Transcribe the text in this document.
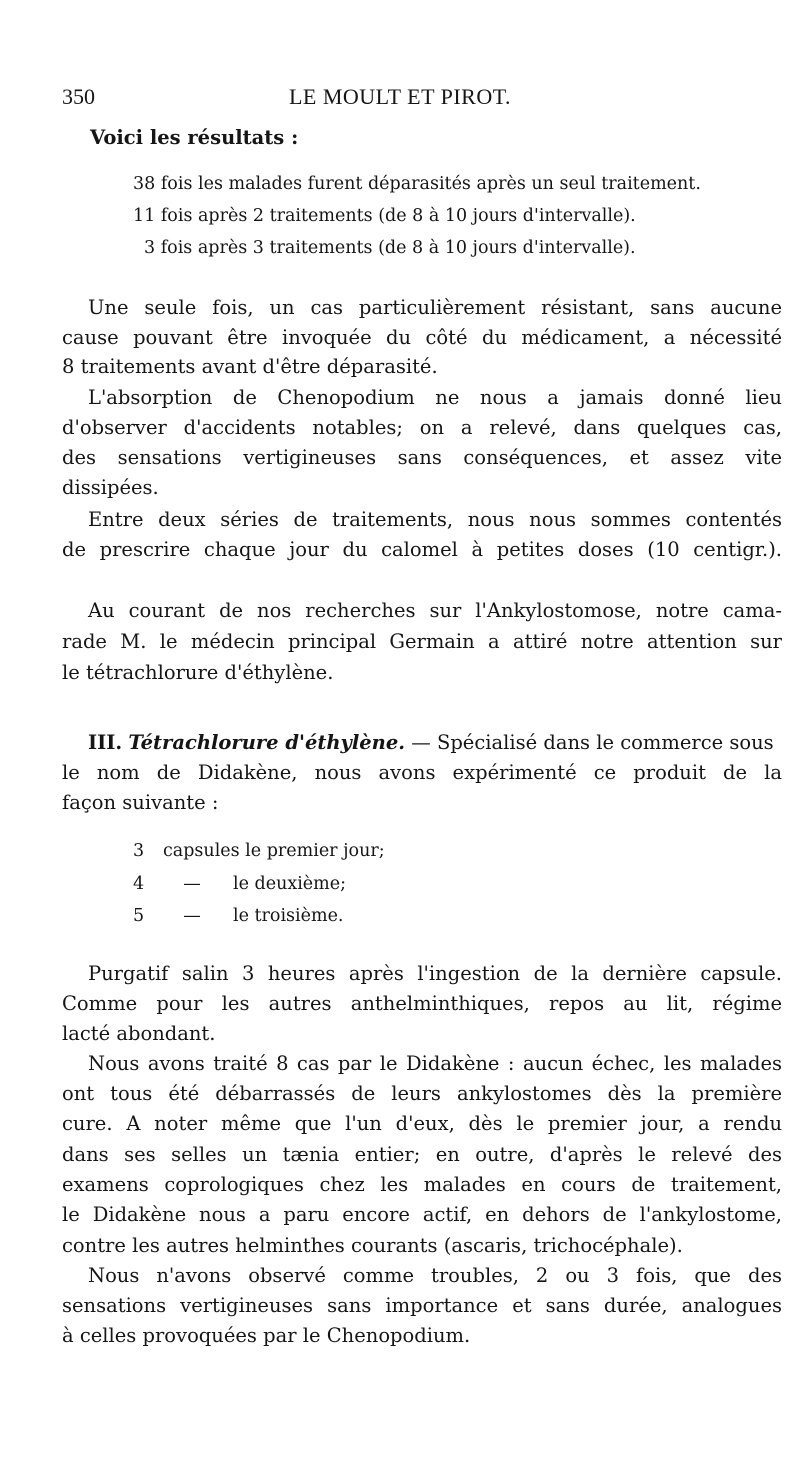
350	LE MOULT ET PIROT.
Voici les résultats :
38 fois les malades furent déparasités après un seul traitement.
11 fois après 2 traitements (de 8 à 10 jours d'intervalle).
3 fois après 3 traitements (de 8 à 10 jours d'intervalle).
Une seule fois, un cas particulièrement résistant, sans aucune
cause pouvant être invoquée du côté du médicament, a nécessité
8 traitements avant d'être déparasité.
L'absorption de Chenopodium ne nous a jamais donné lieu
d'observer d'accidents notables; on a relevé, dans quelques cas,
des sensations vertigineuses sans conséquences, et assez vite
dissipées.
Entre deux séries de traitements, nous nous sommes contentés
de prescrire chaque jour du calomel à petites doses (10 centigr.).
Au courant de nos recherches sur l'Ankylostomose, notre cama-
rade M. le médecin principal Germain a attiré notre attention sur
le tétrachlorure d'éthylène.
III. Tétrachlorure d'éthylène. — Spécialisé dans le commerce sous
le nom de Didakène, nous avons expérimenté ce produit de la
façon suivante :
3 capsules le premier jour;
4 — le deuxième;
5 — le troisième.
Purgatif salin 3 heures après l'ingestion de la dernière capsule.
Comme pour les autres anthelminthiques, repos au lit, régime
lacté abondant.
Nous avons traité 8 cas par le Didakène : aucun échec, les malades
ont tous été débarrassés de leurs ankylostomes dès la première
cure. A noter même que l'un d'eux, dès le premier jour, a rendu
dans ses selles un tænia entier; en outre, d'après le relevé des
examens coprologiques chez les malades en cours de traitement,
le Didakène nous a paru encore actif, en dehors de l'ankylostome,
contre les autres helminthes courants (ascaris, trichocéphale).
Nous n'avons observé comme troubles, 2 ou 3 fois, que des
sensations vertigineuses sans importance et sans durée, analogues
à celles provoquées par le Chenopodium.
